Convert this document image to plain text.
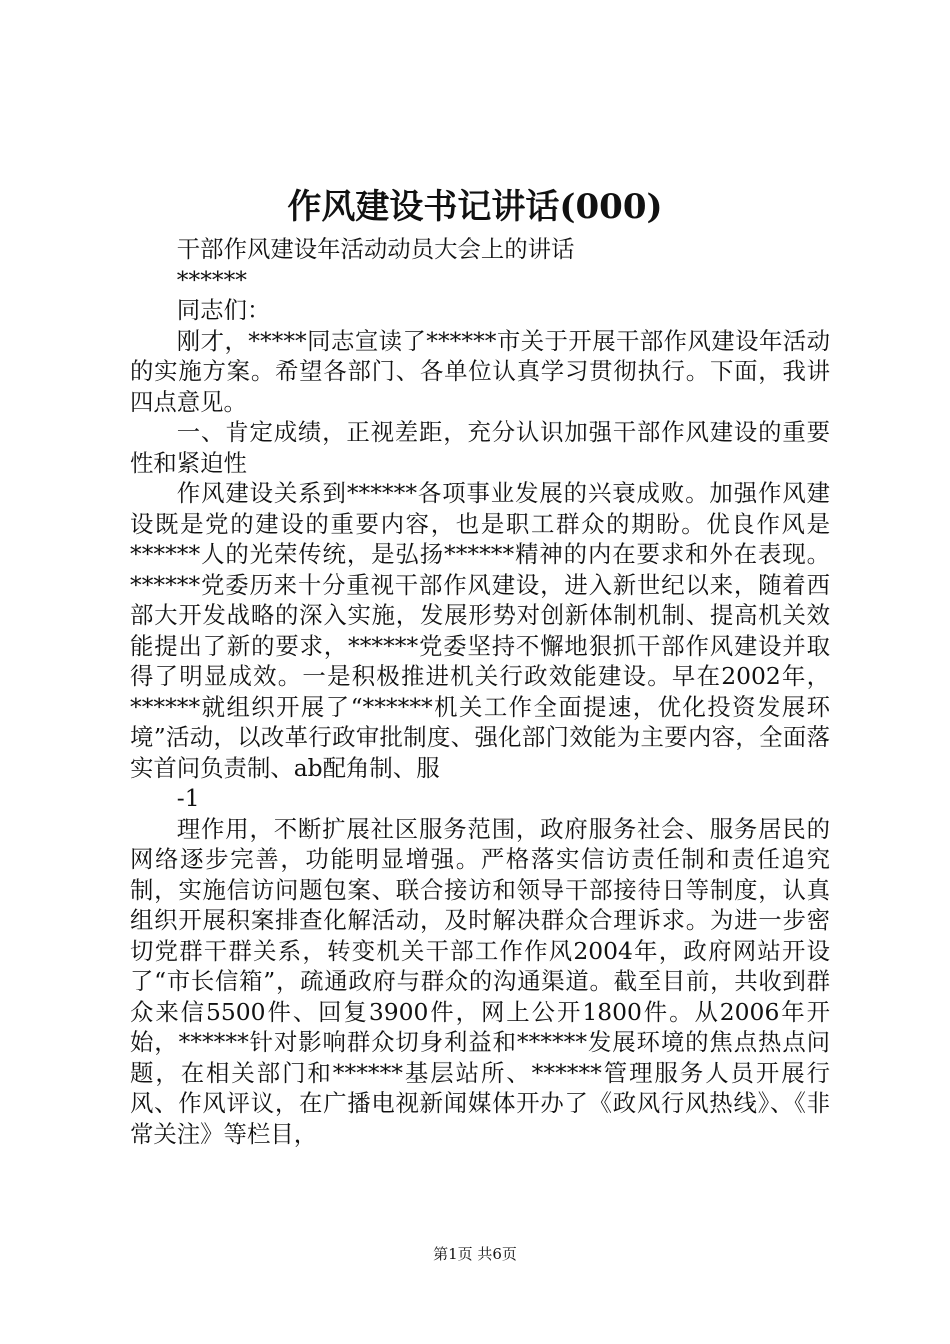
作风建设书记讲话(000)

干部作风建设年活动动员大会上的讲话

******

同志们：

刚才，*****同志宣读了******市关于开展干部作风建设年活动的实施方案。希望各部门、各单位认真学习贯彻执行。下面，我讲四点意见。

一、肯定成绩，正视差距，充分认识加强干部作风建设的重要性和紧迫性

作风建设关系到******各项事业发展的兴衰成败。加强作风建设既是党的建设的重要内容，也是职工群众的期盼。优良作风是******人的光荣传统，是弘扬******精神的内在要求和外在表现。******党委历来十分重视干部作风建设，进入新世纪以来，随着西部大开发战略的深入实施，发展形势对创新体制机制、提高机关效能提出了新的要求，******党委坚持不懈地狠抓干部作风建设并取得了明显成效。一是积极推进机关行政效能建设。早在2002年，******就组织开展了“******机关工作全面提速，优化投资发展环境”活动，以改革行政审批制度、强化部门效能为主要内容，全面落实首问负责制、ab配角制、服

-1

理作用，不断扩展社区服务范围，政府服务社会、服务居民的网络逐步完善，功能明显增强。严格落实信访责任制和责任追究制，实施信访问题包案、联合接访和领导干部接待日等制度，认真组织开展积案排查化解活动，及时解决群众合理诉求。为进一步密切党群干群关系，转变机关干部工作作风2004年，政府网站开设了“市长信箱”，疏通政府与群众的沟通渠道。截至目前，共收到群众来信5500件、回复3900件，网上公开1800件。从2006年开始，******针对影响群众切身利益和******发展环境的焦点热点问题，在相关部门和******基层站所、******管理服务人员开展行风、作风评议，在广播电视新闻媒体开办了《政风行风热线》、《非常关注》等栏目，

第1页 共6页
